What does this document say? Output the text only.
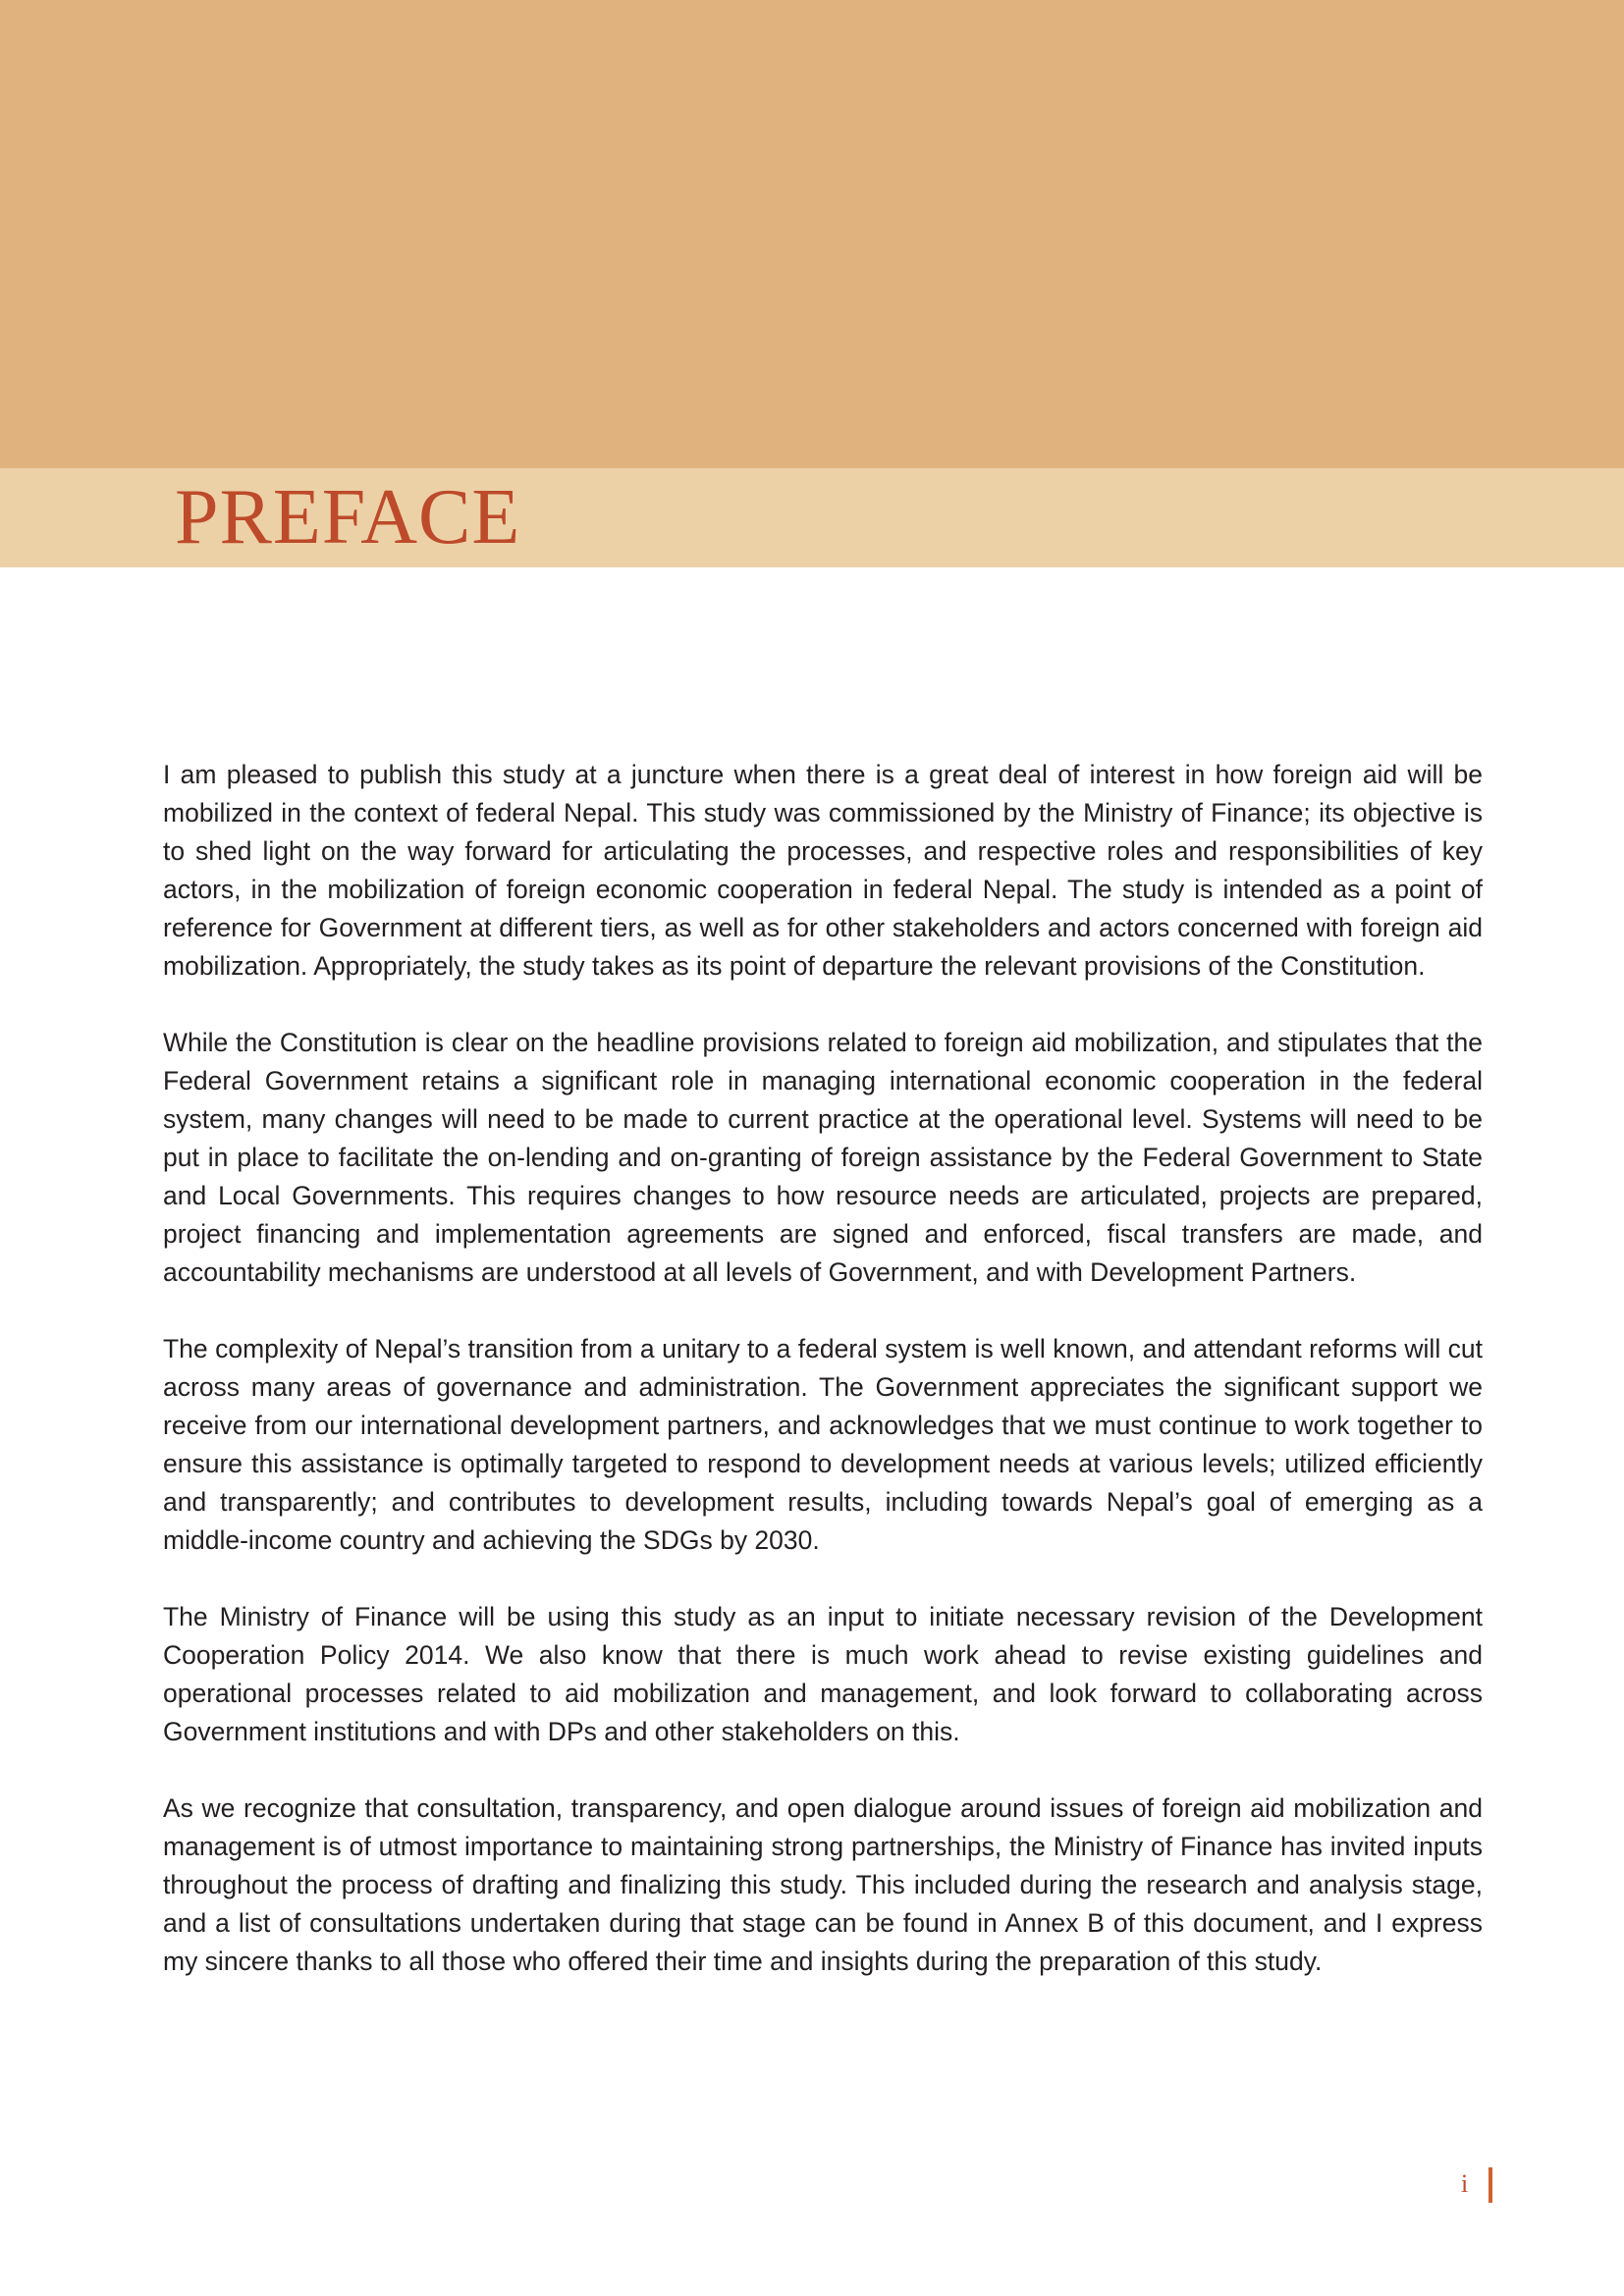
PREFACE

I am pleased to publish this study at a juncture when there is a great deal of interest in how foreign aid will be mobilized in the context of federal Nepal. This study was commissioned by the Ministry of Finance; its objective is to shed light on the way forward for articulating the processes, and respective roles and responsibilities of key actors, in the mobilization of foreign economic cooperation in federal Nepal. The study is intended as a point of reference for Government at different tiers, as well as for other stakeholders and actors concerned with foreign aid mobilization. Appropriately, the study takes as its point of departure the relevant provisions of the Constitution.

While the Constitution is clear on the headline provisions related to foreign aid mobilization, and stipulates that the Federal Government retains a significant role in managing international economic cooperation in the federal system, many changes will need to be made to current practice at the operational level. Systems will need to be put in place to facilitate the on-lending and on-granting of foreign assistance by the Federal Government to State and Local Governments. This requires changes to how resource needs are articulated, projects are prepared, project financing and implementation agreements are signed and enforced, fiscal transfers are made, and accountability mechanisms are understood at all levels of Government, and with Development Partners.

The complexity of Nepal’s transition from a unitary to a federal system is well known, and attendant reforms will cut across many areas of governance and administration. The Government appreciates the significant support we receive from our international development partners, and acknowledges that we must continue to work together to ensure this assistance is optimally targeted to respond to development needs at various levels; utilized efficiently and transparently; and contributes to development results, including towards Nepal’s goal of emerging as a middle-income country and achieving the SDGs by 2030.

The Ministry of Finance will be using this study as an input to initiate necessary revision of the Development Cooperation Policy 2014. We also know that there is much work ahead to revise existing guidelines and operational processes related to aid mobilization and management, and look forward to collaborating across Government institutions and with DPs and other stakeholders on this.

As we recognize that consultation, transparency, and open dialogue around issues of foreign aid mobilization and management is of utmost importance to maintaining strong partnerships, the Ministry of Finance has invited inputs throughout the process of drafting and finalizing this study. This included during the research and analysis stage, and a list of consultations undertaken during that stage can be found in Annex B of this document, and I express my sincere thanks to all those who offered their time and insights during the preparation of this study.

i
